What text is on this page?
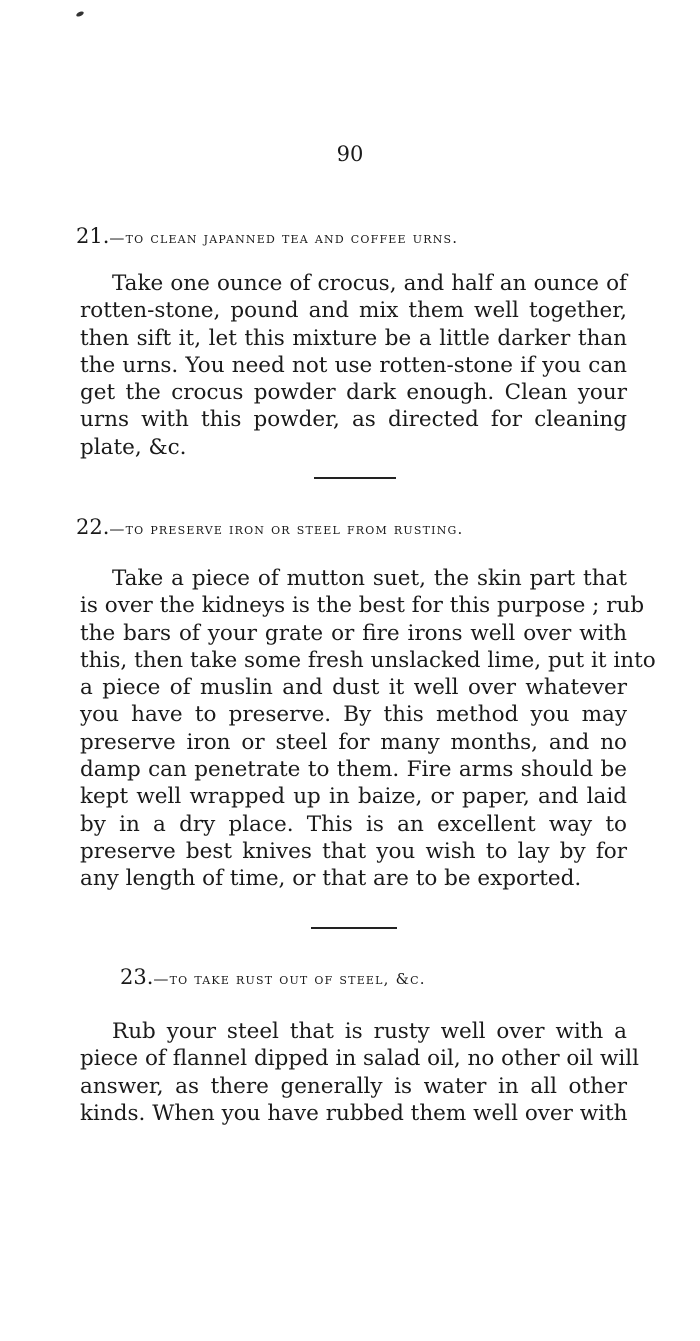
90
21.—to clean japanned tea and coffee urns.
Take one ounce of crocus, and half an ounce of
rotten-stone, pound and mix them well together,
then sift it, let this mixture be a little darker than
the urns. You need not use rotten-stone if you can
get the crocus powder dark enough. Clean your
urns with this powder, as directed for cleaning
plate, &c.
22.—to preserve iron or steel from rusting.
Take a piece of mutton suet, the skin part that
is over the kidneys is the best for this purpose ; rub
the bars of your grate or fire irons well over with
this, then take some fresh unslacked lime, put it into
a piece of muslin and dust it well over whatever
you have to preserve. By this method you may
preserve iron or steel for many months, and no
damp can penetrate to them. Fire arms should be
kept well wrapped up in baize, or paper, and laid
by in a dry place. This is an excellent way to
preserve best knives that you wish to lay by for
any length of time, or that are to be exported.
23.—to take rust out of steel, &c.
Rub your steel that is rusty well over with a
piece of flannel dipped in salad oil, no other oil will
answer, as there generally is water in all other
kinds. When you have rubbed them well over with
